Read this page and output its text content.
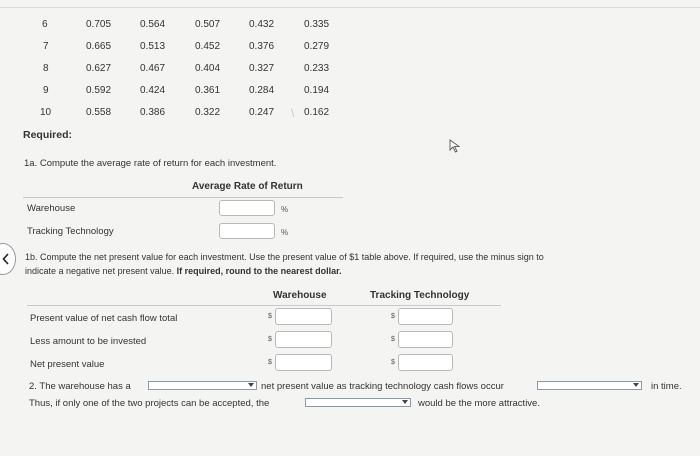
6	0.705	0.564	0.507	0.432	0.335
7	0.665	0.513	0.452	0.376	0.279
8	0.627	0.467	0.404	0.327	0.233
9	0.592	0.424	0.361	0.284	0.194
10	0.558	0.386	0.322	0.247	0.162
\
Required:
1a. Compute the average rate of return for each investment.
Average Rate of Return
Warehouse	%
Tracking Technology	%
1b. Compute the net present value for each investment. Use the present value of $1 table above. If required, use the minus sign to
indicate a negative net present value. If required, round to the nearest dollar.
Warehouse	Tracking Technology
Present value of net cash flow total	$	$
Less amount to be invested	$	$
Net present value	$	$
2. The warehouse has a	net present value as tracking technology cash flows occur	in time.
Thus, if only one of the two projects can be accepted, the	would be the more attractive.
